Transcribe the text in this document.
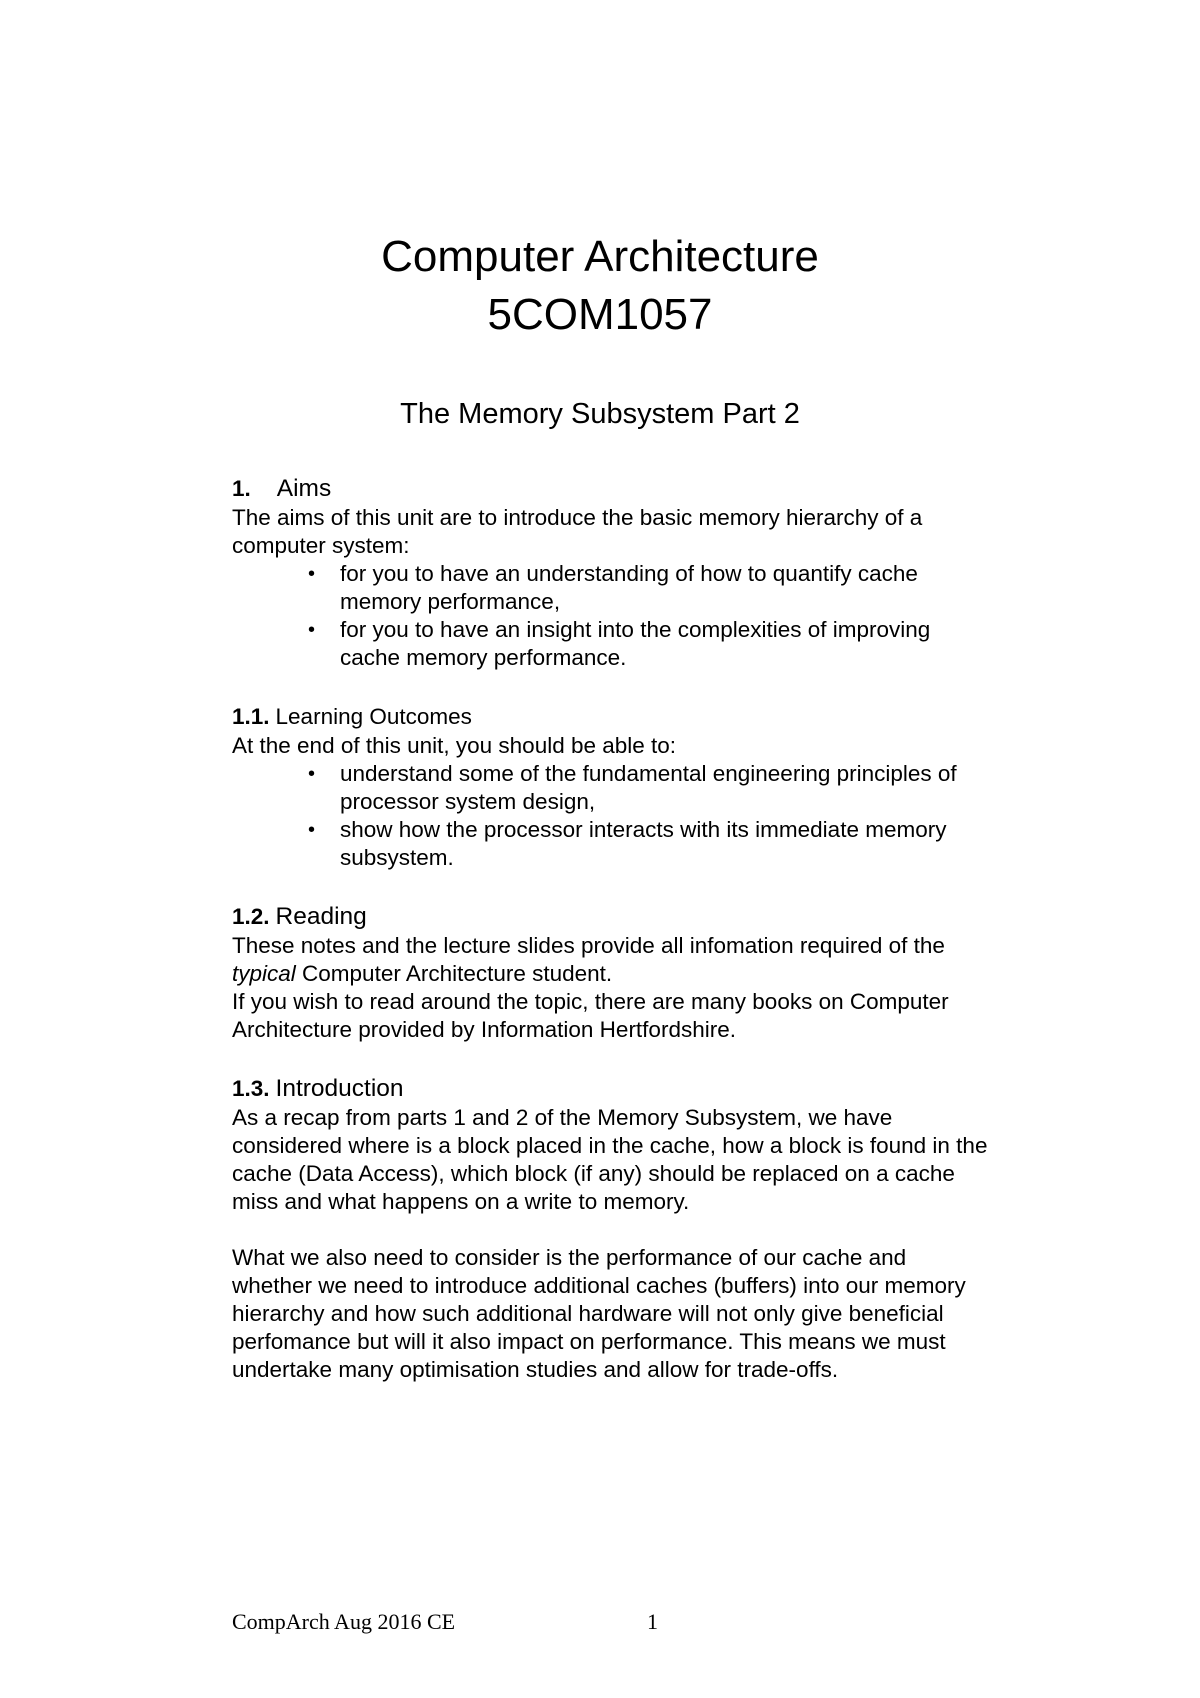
Computer Architecture
5COM1057
The Memory Subsystem Part 2
1. Aims

The aims of this unit are to introduce the basic memory hierarchy of a computer system:

• for you to have an understanding of how to quantify cache memory performance,
• for you to have an insight into the complexities of improving cache memory performance.
1.1. Learning Outcomes

At the end of this unit, you should be able to:

• understand some of the fundamental engineering principles of processor system design,
• show how the processor interacts with its immediate memory subsystem.
1.2. Reading

These notes and the lecture slides provide all infomation required of the typical Computer Architecture student.

If you wish to read around the topic, there are many books on Computer Architecture provided by Information Hertfordshire.

1.3. Introduction

As a recap from parts 1 and 2 of the Memory Subsystem, we have considered where is a block placed in the cache, how a block is found in the cache (Data Access), which block (if any) should be replaced on a cache miss and what happens on a write to memory.

What we also need to consider is the performance of our cache and whether we need to introduce additional caches (buffers) into our memory hierarchy and how such additional hardware will not only give beneficial perfomance but will it also impact on performance. This means we must undertake many optimisation studies and allow for trade-offs.

CompArch Aug 2016 CE	1
